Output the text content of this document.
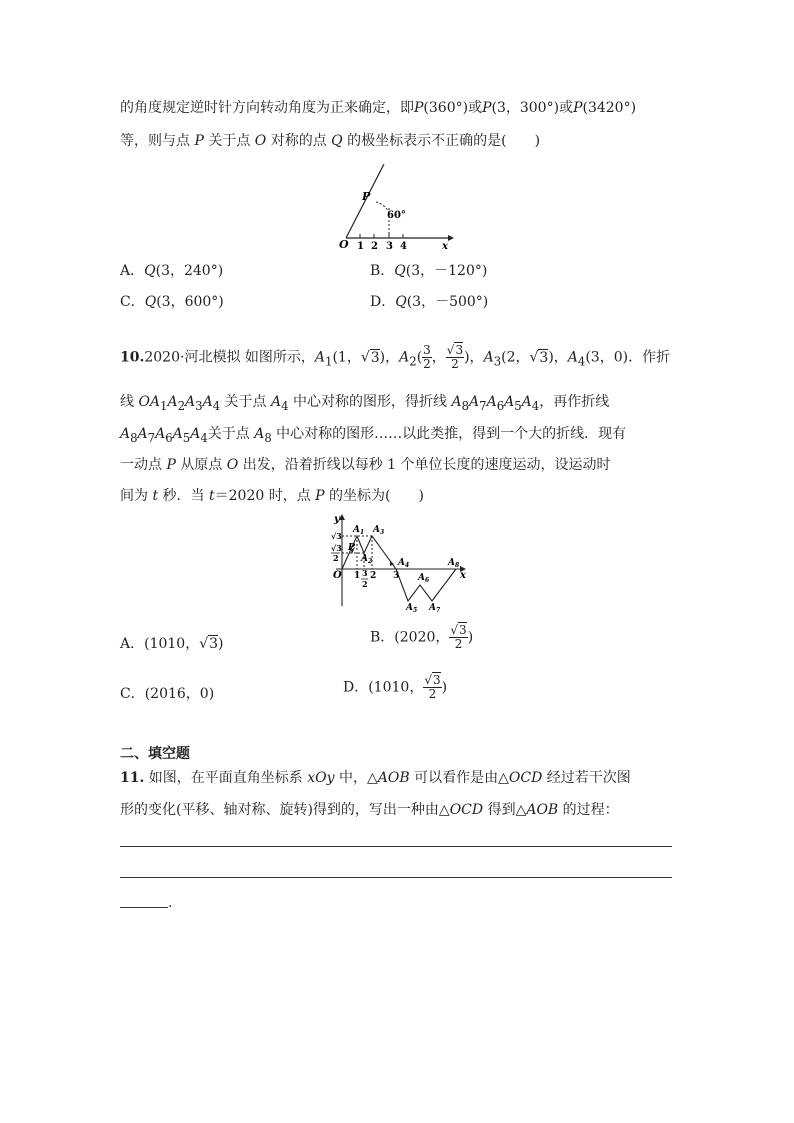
的角度规定逆时针方向转动角度为正来确定，即P(360°)或P(3，300°)或P(3420°)
等，则与点 P 关于点 O 对称的点 Q 的极坐标表示不正确的是(　　)
P
60°
O 1 2 3 4	x
A．Q(3，240°)	B．Q(3，－120°)
C．Q(3，600°)	D．Q(3，－500°)
10.2020·河北模拟 如图所示，$A_1(1$，√3)，$A_2( \frac{3}{2}$ ， $\frac{√3}{2}$ )，$A_3(2$，√3)，$A_4(3$，0)．作折
线 $OA_1A_2A_3A_4$ 关于点 $A_4$ 中心对称的图形，得折线 $A_8A_7A_6A_5A_4$，再作折线
$A_8A_7A_6A_5A_4$关于点 $A_8$ 中心对称的图形……以此类推，得到一个大的折线．现有
一动点 P 从原点 O 出发，沿着折线以每秒 1 个单位长度的速度运动，设运动时
间为 t 秒．当 t＝2020 时，点 P 的坐标为(　　)
y
$A_1$ $A_3$
P
$A_2$	$A_4$
$A_6$
$A_8$
$A_5$ $A_7$
O 1 3
2
2 3	x
√3
√3
2
A．(1010，√3)	B．(2020， $\frac{√3}{2}$ )
C．(2016，0)	D．(1010， $\frac{√3}{2}$ )
二、填空题
11. 如图，在平面直角坐标系 xOy 中，△AOB 可以看作是由△OCD 经过若干次图
形的变化(平移、轴对称、旋转)得到的，写出一种由△OCD 得到△AOB 的过程：
.
